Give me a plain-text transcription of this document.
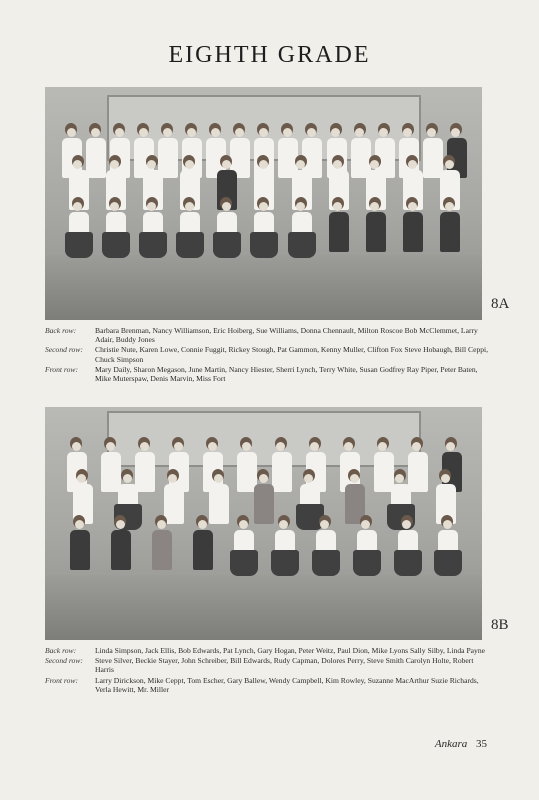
EIGHTH GRADE
8A
Back row:	Barbara Brenman, Nancy Williamson, Eric Hoiberg, Sue Williams, Donna Chennault, Milton Roscoe Bob McClemmet, Larry Adair, Buddy Jones
Second row:	Christie Nute, Karen Lowe, Connie Fuggit, Rickey Stough, Pat Gammon, Kenny Muller, Clifton Fox Steve Hobaugh, Bill Ceppi, Chuck Simpson
Front row:	Mary Daily, Sharon Megason, June Martin, Nancy Hiester, Sherri Lynch, Terry White, Susan Godfrey Ray Piper, Peter Baten, Mike Muterspaw, Denis Marvin, Miss Fort
8B
Back row:	Linda Simpson, Jack Ellis, Bob Edwards, Pat Lynch, Gary Hogan, Peter Weitz, Paul Dion, Mike Lyons Sally Silby, Linda Payne
Second row:	Steve Silver, Beckie Stayer, John Schreiber, Bill Edwards, Rudy Capman, Dolores Perry, Steve Smith Carolyn Holte, Robert Harris
Front row:	Larry Dirickson, Mike Ceppt, Tom Escher, Gary Ballew, Wendy Campbell, Kim Rowley, Suzanne MacArthur Suzie Richards, Verla Hewitt, Mr. Miller
Ankara 35
